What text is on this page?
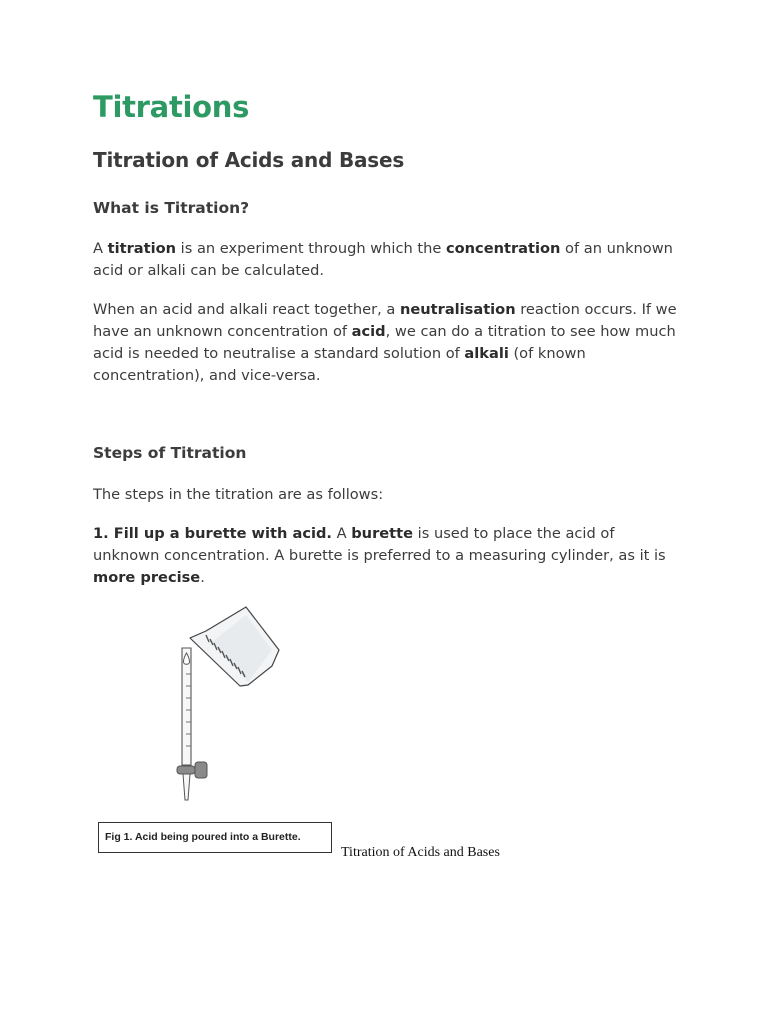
Titrations
Titration of Acids and Bases
What is Titration?

A titration is an experiment through which the concentration of an unknown acid or alkali can be calculated.

When an acid and alkali react together, a neutralisation reaction occurs. If we have an unknown concentration of acid, we can do a titration to see how much acid is needed to neutralise a standard solution of alkali (of known concentration), and vice-versa.

Steps of Titration

The steps in the titration are as follows:

1. Fill up a burette with acid. A burette is used to place the acid of unknown concentration. A burette is preferred to a measuring cylinder, as it is more precise.

Fig 1. Acid being poured into a Burette.
Titration of Acids and Bases
